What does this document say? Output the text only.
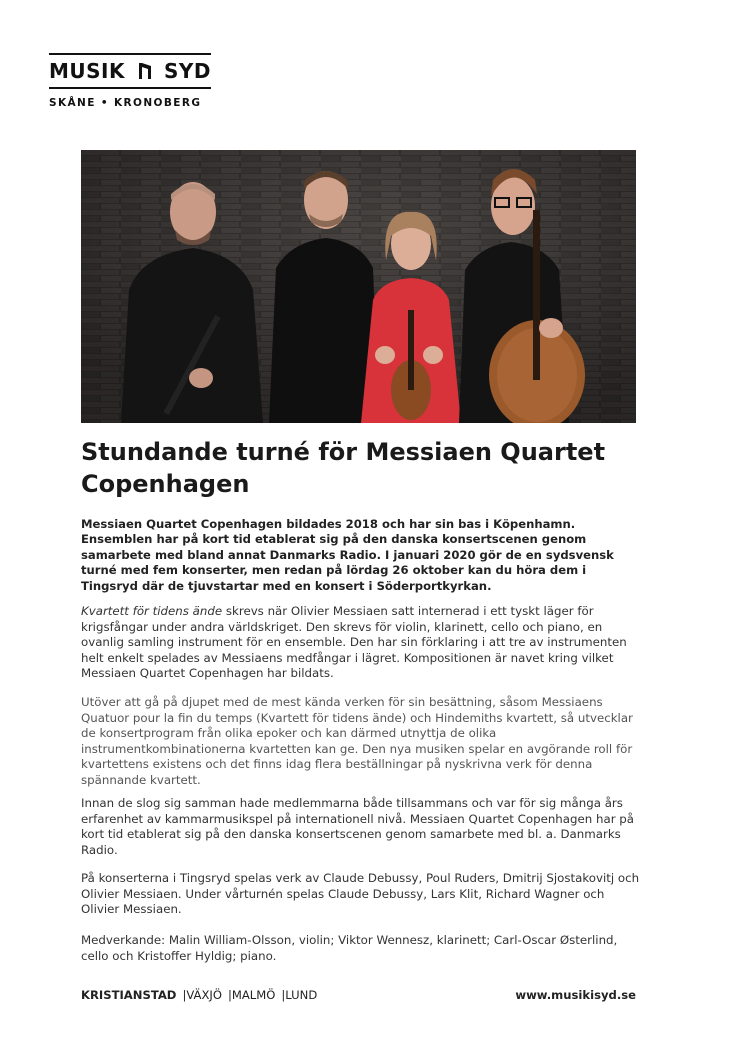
MUSIK SYD
SKÅNE • KRONOBERG
Stundande turné för Messiaen Quartet Copenhagen

Messiaen Quartet Copenhagen bildades 2018 och har sin bas i Köpenhamn. Ensemblen har på kort tid etablerat sig på den danska konsertscenen genom samarbete med bland annat Danmarks Radio. I januari 2020 gör de en sydsvensk turné med fem konserter, men redan på lördag 26 oktober kan du höra dem i Tingsryd där de tjuvstartar med en konsert i Söderportkyrkan.

Kvartett för tidens ände skrevs när Olivier Messiaen satt internerad i ett tyskt läger för krigsfångar under andra världskriget. Den skrevs för violin, klarinett, cello och piano, en ovanlig samling instrument för en ensemble. Den har sin förklaring i att tre av instrumenten helt enkelt spelades av Messiaens medfångar i lägret. Kompositionen är navet kring vilket Messiaen Quartet Copenhagen har bildats.

Utöver att gå på djupet med de mest kända verken för sin besättning, såsom Messiaens Quatuor pour la fin du temps (Kvartett för tidens ände) och Hindemiths kvartett, så utvecklar de konsertprogram från olika epoker och kan därmed utnyttja de olika instrumentkombinationerna kvartetten kan ge. Den nya musiken spelar en avgörande roll för kvartettens existens och det finns idag flera beställningar på nyskrivna verk för denna spännande kvartett.

Innan de slog sig samman hade medlemmarna både tillsammans och var för sig många års erfarenhet av kammarmusikspel på internationell nivå. Messiaen Quartet Copenhagen har på kort tid etablerat sig på den danska konsertscenen genom samarbete med bl. a. Danmarks Radio.

På konserterna i Tingsryd spelas verk av Claude Debussy, Poul Ruders, Dmitrij Sjostakovitj och Olivier Messiaen. Under vårturnén spelas Claude Debussy, Lars Klit, Richard Wagner och Olivier Messiaen.

Medverkande: Malin William-Olsson, violin; Viktor Wennesz, klarinett; Carl-Oscar Østerlind, cello och Kristoffer Hyldig; piano.

KRISTIANSTAD |VÄXJÖ |MALMÖ |LUND	www.musikisyd.se
